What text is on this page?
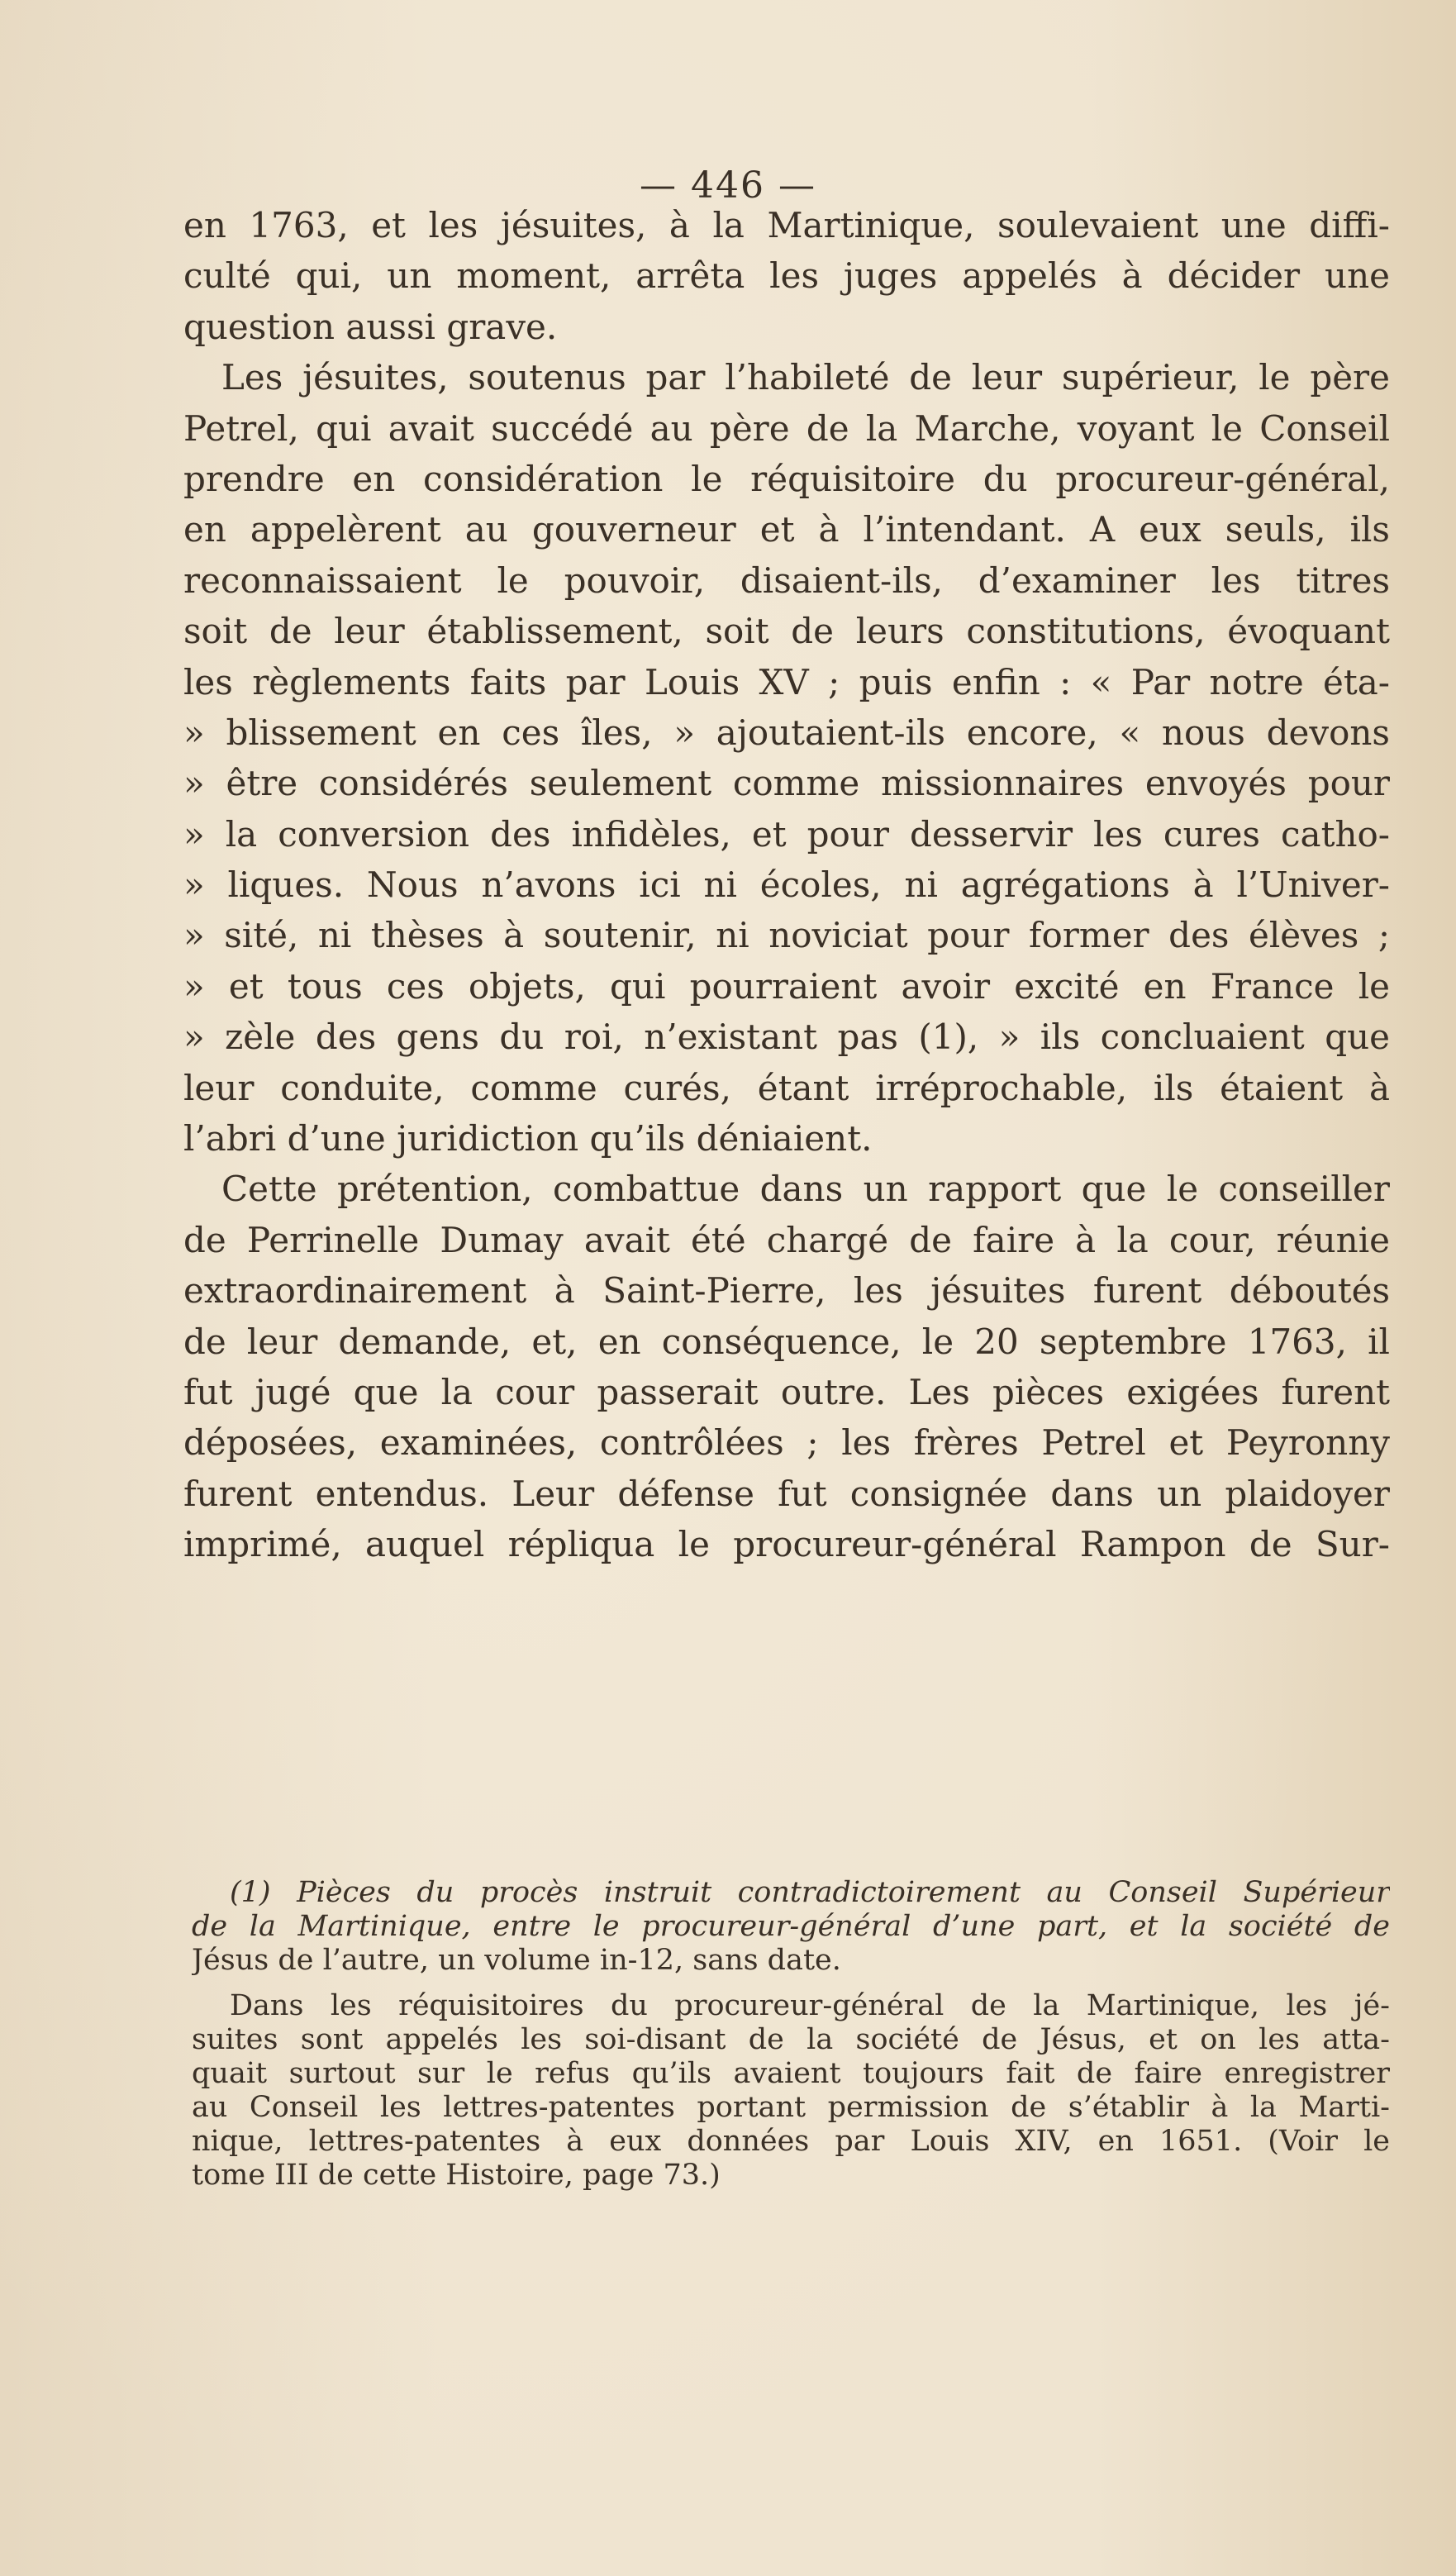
— 446 —
en 1763, et les jésuites, à la Martinique, soulevaient une diffi-
culté qui, un moment, arrêta les juges appelés à décider une
question aussi grave.
Les jésuites, soutenus par l’habileté de leur supérieur, le père
Petrel, qui avait succédé au père de la Marche, voyant le Conseil
prendre en considération le réquisitoire du procureur-général,
en appelèrent au gouverneur et à l’intendant. A eux seuls, ils
reconnaissaient le pouvoir, disaient-ils, d’examiner les titres
soit de leur établissement, soit de leurs constitutions, évoquant
les règlements faits par Louis XV ; puis enfin : « Par notre éta-
» blissement en ces îles, » ajoutaient-ils encore, « nous devons
» être considérés seulement comme missionnaires envoyés pour
» la conversion des infidèles, et pour desservir les cures catho-
» liques. Nous n’avons ici ni écoles, ni agrégations à l’Univer-
» sité, ni thèses à soutenir, ni noviciat pour former des élèves ;
» et tous ces objets, qui pourraient avoir excité en France le
» zèle des gens du roi, n’existant pas (1), » ils concluaient que
leur conduite, comme curés, étant irréprochable, ils étaient à
l’abri d’une juridiction qu’ils déniaient.
Cette prétention, combattue dans un rapport que le conseiller
de Perrinelle Dumay avait été chargé de faire à la cour, réunie
extraordinairement à Saint-Pierre, les jésuites furent déboutés
de leur demande, et, en conséquence, le 20 septembre 1763, il
fut jugé que la cour passerait outre. Les pièces exigées furent
déposées, examinées, contrôlées ; les frères Petrel et Peyronny
furent entendus. Leur défense fut consignée dans un plaidoyer
imprimé, auquel répliqua le procureur-général Rampon de Sur-
(1) Pièces du procès instruit contradictoirement au Conseil Supérieur
de la Martinique, entre le procureur-général d’une part, et la société de
Jésus de l’autre, un volume in-12, sans date.
Dans les réquisitoires du procureur-général de la Martinique, les jé-
suites sont appelés les soi-disant de la société de Jésus, et on les atta-
quait surtout sur le refus qu’ils avaient toujours fait de faire enregistrer
au Conseil les lettres-patentes portant permission de s’établir à la Marti-
nique, lettres-patentes à eux données par Louis XIV, en 1651. (Voir le
tome III de cette Histoire, page 73.)
